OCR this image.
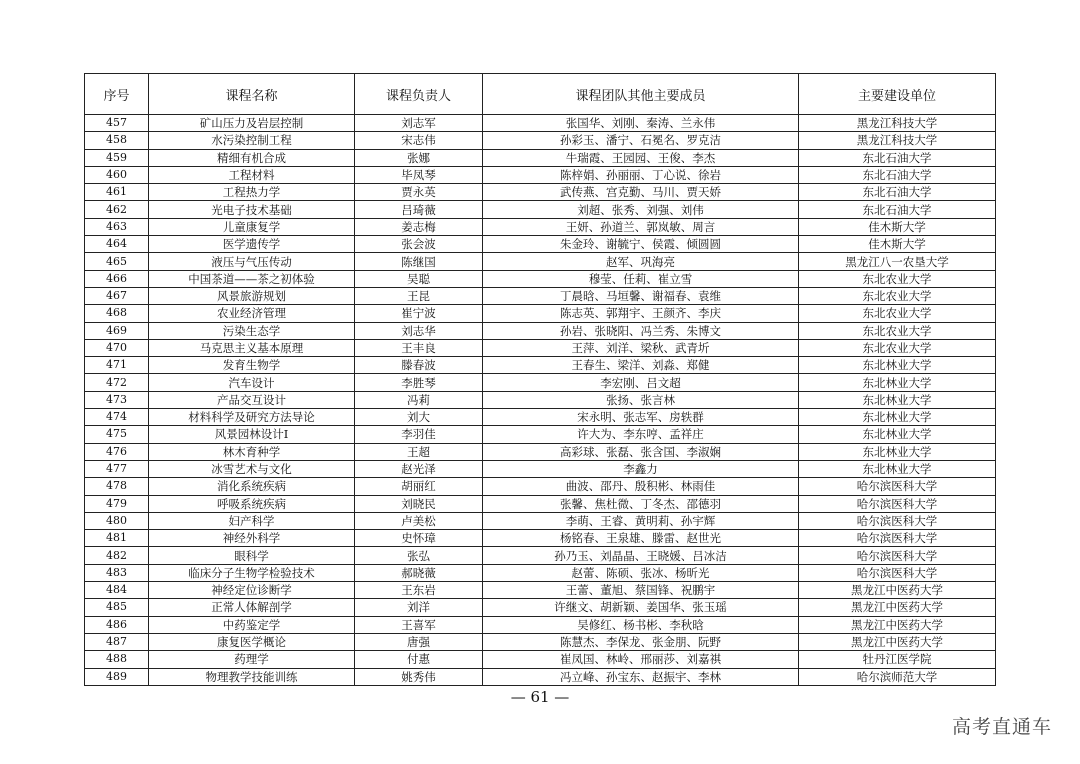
序号	课程名称	课程负责人	课程团队其他主要成员	主要建设单位
457	矿山压力及岩层控制	刘志军	张国华、刘刚、秦涛、兰永伟	黑龙江科技大学
458	水污染控制工程	宋志伟	孙彩玉、潘宁、石冕名、罗克洁	黑龙江科技大学
459	精细有机合成	张娜	牛瑞霞、王园园、王俊、李杰	东北石油大学
460	工程材料	毕凤琴	陈梓娟、孙丽丽、丁心说、徐岩	东北石油大学
461	工程热力学	贾永英	武传燕、宫克勤、马川、贾天娇	东北石油大学
462	光电子技术基础	吕琦薇	刘超、张秀、刘强、刘伟	东北石油大学
463	儿童康复学	姜志梅	王妍、孙道兰、郭岚敏、周言	佳木斯大学
464	医学遗传学	张会波	朱金玲、谢毓宁、侯霞、倾圆圆	佳木斯大学
465	液压与气压传动	陈继国	赵军、巩海亮	黑龙江八一农垦大学
466	中国茶道——茶之初体验	吴聪	穆莹、任莉、崔立雪	东北农业大学
467	风景旅游规划	王昆	丁晨晗、马垣馨、谢福春、袁维	东北农业大学
468	农业经济管理	崔宁波	陈志英、郭翔宇、王颜齐、李庆	东北农业大学
469	污染生态学	刘志华	孙岩、张晓阳、冯兰秀、朱博文	东北农业大学
470	马克思主义基本原理	王丰良	王萍、刘洋、梁秋、武青圻	东北农业大学
471	发育生物学	滕春波	王春生、梁洋、刘淼、郑健	东北林业大学
472	汽车设计	李胜琴	李宏刚、吕文超	东北林业大学
473	产品交互设计	冯莉	张扬、张言林	东北林业大学
474	材料科学及研究方法导论	刘大	宋永明、张志军、房轶群	东北林业大学
475	风景园林设计Ⅰ	李羽佳	许大为、李东哼、孟祥庄	东北林业大学
476	林木育种学	王超	高彩球、张磊、张含国、李淑娴	东北林业大学
477	冰雪艺术与文化	赵光泽	李鑫力	东北林业大学
478	消化系统疾病	胡丽红	曲波、邵丹、殷积彬、林雨佳	哈尔滨医科大学
479	呼吸系统疾病	刘晓民	张馨、焦杜微、丁冬杰、邵德羽	哈尔滨医科大学
480	妇产科学	卢美松	李萌、王睿、黄明莉、孙宇辉	哈尔滨医科大学
481	神经外科学	史怀璋	杨铭春、王泉雄、滕雷、赵世光	哈尔滨医科大学
482	眼科学	张弘	孙乃玉、刘晶晶、王晓媛、吕冰洁	哈尔滨医科大学
483	临床分子生物学检验技术	郝晓薇	赵蕾、陈硕、张冰、杨昕光	哈尔滨医科大学
484	神经定位诊断学	王东岩	王蕾、董旭、蔡国锋、祝鹏宇	黑龙江中医药大学
485	正常人体解剖学	刘洋	许继文、胡新颖、姜国华、张玉瑶	黑龙江中医药大学
486	中药鉴定学	王喜军	吴修红、杨书彬、李秋晗	黑龙江中医药大学
487	康复医学概论	唐强	陈慧杰、李保龙、张金朋、阮野	黑龙江中医药大学
488	药理学	付惠	崔凤国、林岭、邢丽莎、刘嘉祺	牡丹江医学院
489	物理教学技能训练	姚秀伟	冯立峰、孙宝东、赵振宇、李林	哈尔滨师范大学
— 61 —
高考直通车
